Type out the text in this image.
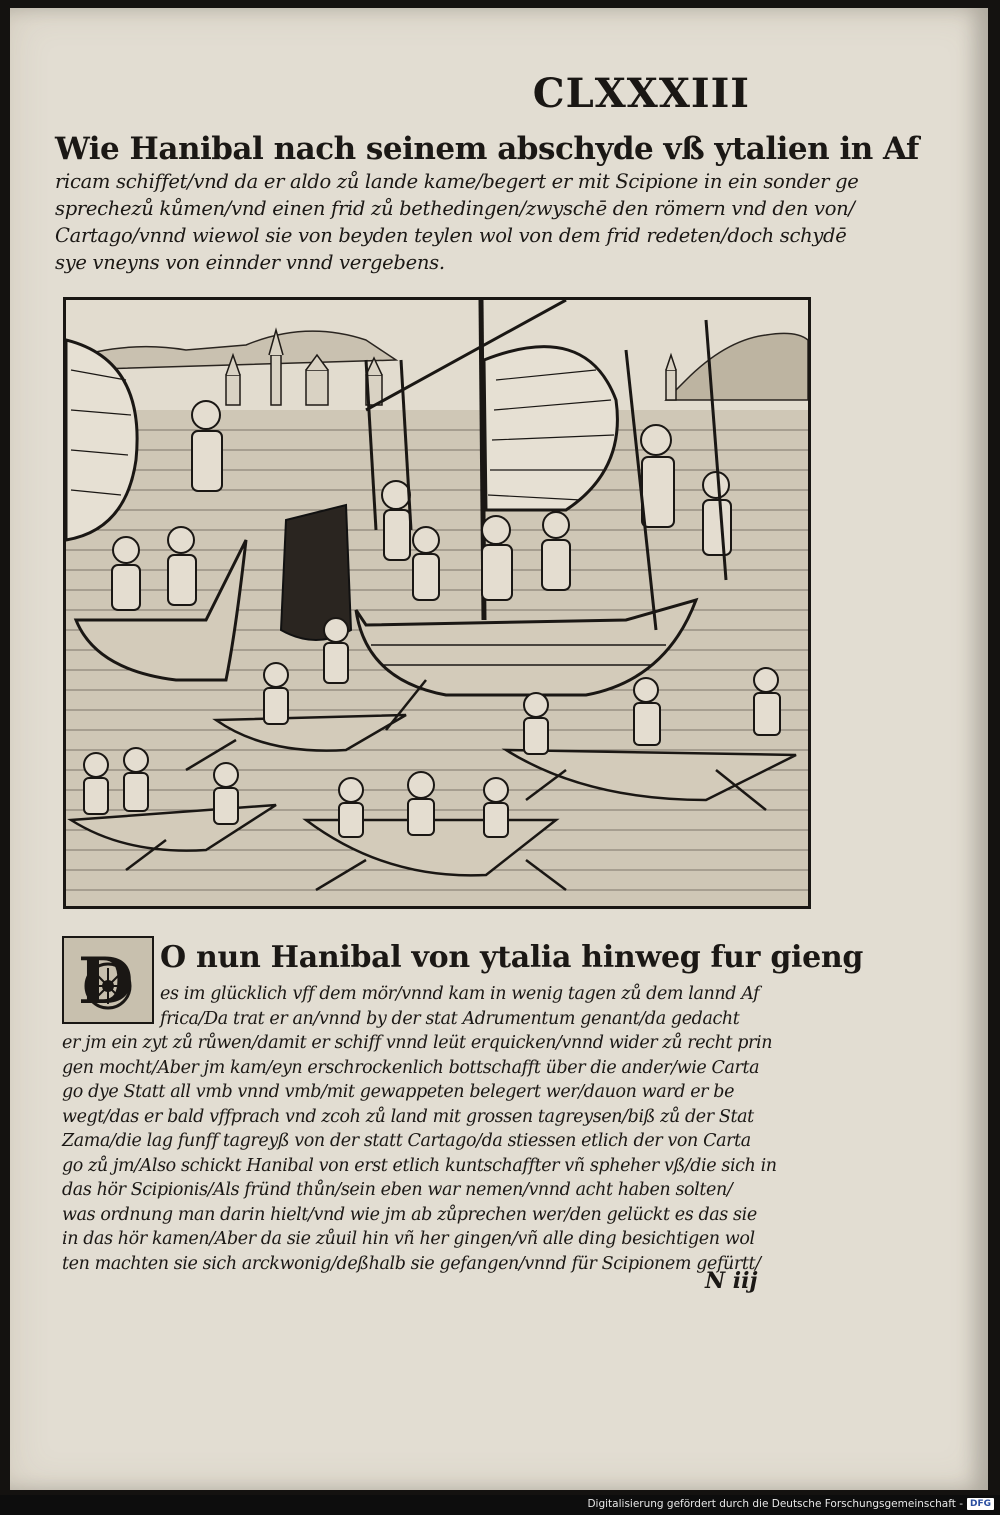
CLXXXIII
Wie Hanibal nach seinem abschyde vß ytalien in Af
ricam schiffet/vnd da er aldo zů lande kame/begert er mit Scipione in ein sonder ge
sprechezů kůmen/vnd einen frid zů bethedingen/zwyschē den römern vnd den von/
Cartago/vnnd wiewol sie von beyden teylen wol von dem frid redeten/doch schydē
sye vneyns von einnder vnnd vergebens.
D O nun Hanibal von ytalia hinweg fur gieng
es im glücklich vff dem mör/vnnd kam in wenig tagen zů dem lannd Af
frica/Da trat er an/vnnd by der stat Adrumentum genant/da gedacht
er jm ein zyt zů růwen/damit er schiff vnnd leüt erquicken/vnnd wider zů recht prin
gen mocht/Aber jm kam/eyn erschrockenlich bottschafft über die ander/wie Carta
go dye Statt all vmb vnnd vmb/mit gewappeten belegert wer/dauon ward er be
wegt/das er bald vffprach vnd zcoh zů land mit grossen tagreysen/biß zů der Stat
Zama/die lag funff tagreyß von der statt Cartago/da stiessen etlich der von Carta
go zů jm/Also schickt Hanibal von erst etlich kuntschaffter vñ spheher vß/die sich in
das hör Scipionis/Als fründ thůn/sein eben war nemen/vnnd acht haben solten/
was ordnung man darin hielt/vnd wie jm ab zůprechen wer/den gelückt es das sie
in das hör kamen/Aber da sie zůuil hin vñ her gingen/vñ alle ding besichtigen wol
ten machten sie sich arckwonig/deßhalb sie gefangen/vnnd für Scipionem gefürtt/
N iij
Digitalisierung gefördert durch die Deutsche Forschungsgemeinschaft - DFG
